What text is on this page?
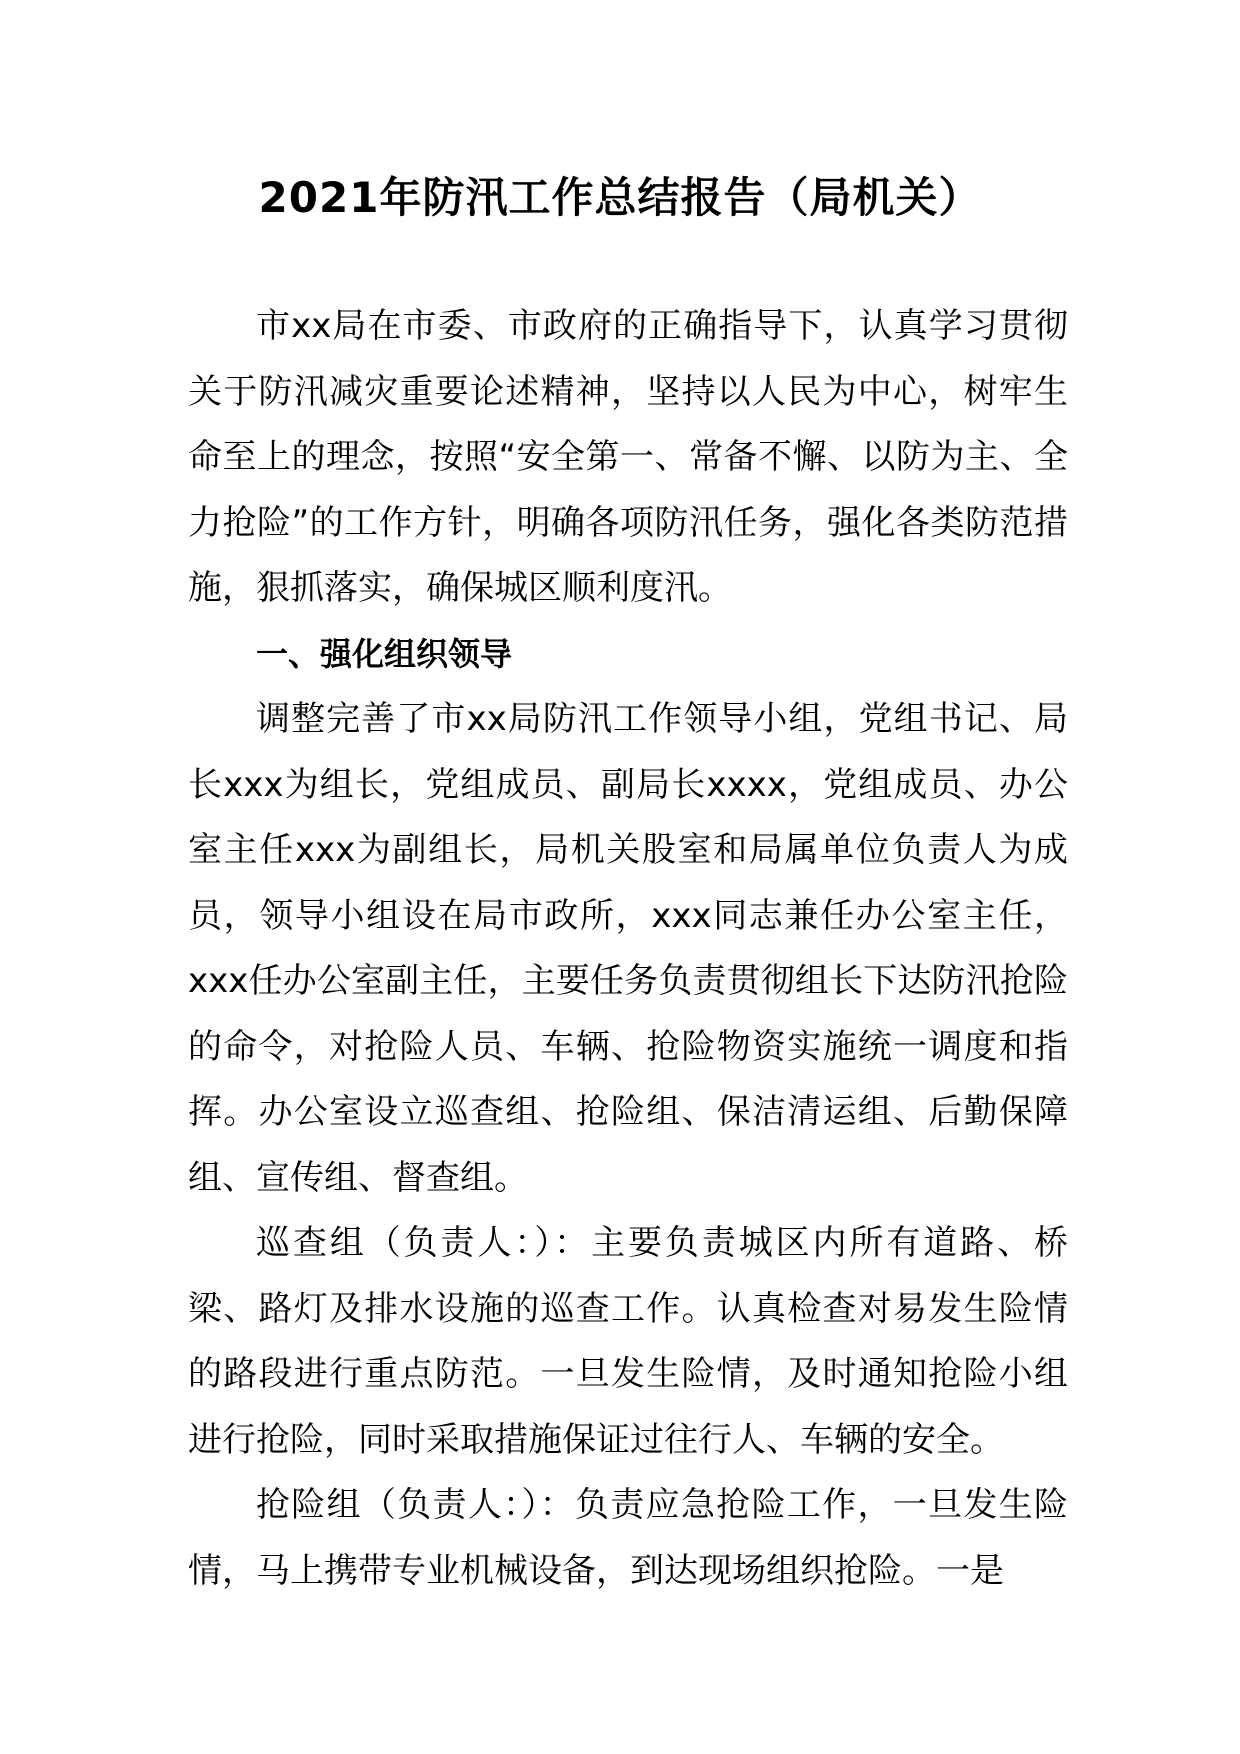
2021年防汛工作总结报告（局机关）

市xx局在市委、市政府的正确指导下，认真学习贯彻关于防汛减灾重要论述精神，坚持以人民为中心，树牢生命至上的理念，按照“安全第一、常备不懈、以防为主、全力抢险”的工作方针，明确各项防汛任务，强化各类防范措施，狠抓落实，确保城区顺利度汛。

一、强化组织领导

调整完善了市xx局防汛工作领导小组，党组书记、局长xxx为组长，党组成员、副局长xxxx，党组成员、办公室主任xxx为副组长，局机关股室和局属单位负责人为成员，领导小组设在局市政所，xxx同志兼任办公室主任，xxx任办公室副主任，主要任务负责贯彻组长下达防汛抢险的命令，对抢险人员、车辆、抢险物资实施统一调度和指挥。办公室设立巡查组、抢险组、保洁清运组、后勤保障组、宣传组、督查组。

巡查组（负责人：）：主要负责城区内所有道路、桥梁、路灯及排水设施的巡查工作。认真检查对易发生险情的路段进行重点防范。一旦发生险情，及时通知抢险小组进行抢险，同时采取措施保证过往行人、车辆的安全。

抢险组（负责人：）：负责应急抢险工作，一旦发生险情，马上携带专业机械设备，到达现场组织抢险。一是
